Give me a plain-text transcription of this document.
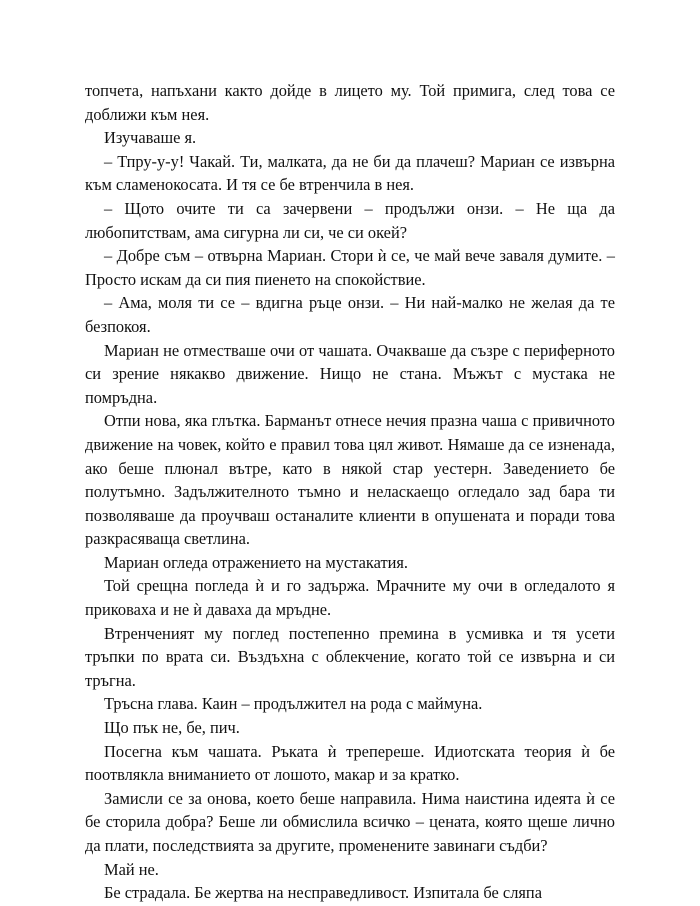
топчета, напъхани както дойде в лицето му. Той примига, след това се доближи към нея.

Изучаваше я.

– Тпру-у-у! Чакай. Ти, малката, да не би да плачеш? Мариан се извърна към сламенокосата. И тя се бе втренчила в нея.

– Щото очите ти са зачервени – продължи онзи. – Не ща да любопитствам, ама сигурна ли си, че си окей?

– Добре съм – отвърна Мариан. Стори ѝ се, че май вече заваля думите. – Просто искам да си пия пиенето на спокойствие.

– Ама, моля ти се – вдигна ръце онзи. – Ни най-малко не желая да те безпокоя.

Мариан не отместваше очи от чашата. Очакваше да съзре с периферното си зрение някакво движение. Нищо не стана. Мъжът с мустака не помръдна.

Отпи нова, яка глътка. Барманът отнесе нечия празна чаша с привичното движение на човек, който е правил това цял живот. Нямаше да се изненада, ако беше плюнал вътре, като в някой стар уестерн. Заведението бе полутъмно. Задължителното тъмно и неласкаещо огледало зад бара ти позволяваше да проучваш останалите клиенти в опушената и поради това разкрасяваща светлина.

Мариан огледа отражението на мустакатия.

Той срещна погледа ѝ и го задържа. Мрачните му очи в огледалото я приковаха и не ѝ даваха да мръдне.

Втренченият му поглед постепенно премина в усмивка и тя усети тръпки по врата си. Въздъхна с облекчение, когато той се извърна и си тръгна.

Тръсна глава. Каин – продължител на рода с маймуна.

Що пък не, бе, пич.

Посегна към чашата. Ръката ѝ трепереше. Идиотската теория ѝ бе поотвлякла вниманието от лошото, макар и за кратко.

Замисли се за онова, което беше направила. Нима наистина идеята ѝ се бе сторила добра? Беше ли обмислила всичко – цената, която щеше лично да плати, последствията за другите, променените завинаги съдби?

Май не.

Бе страдала. Бе жертва на несправедливост. Изпитала бе сляпа
